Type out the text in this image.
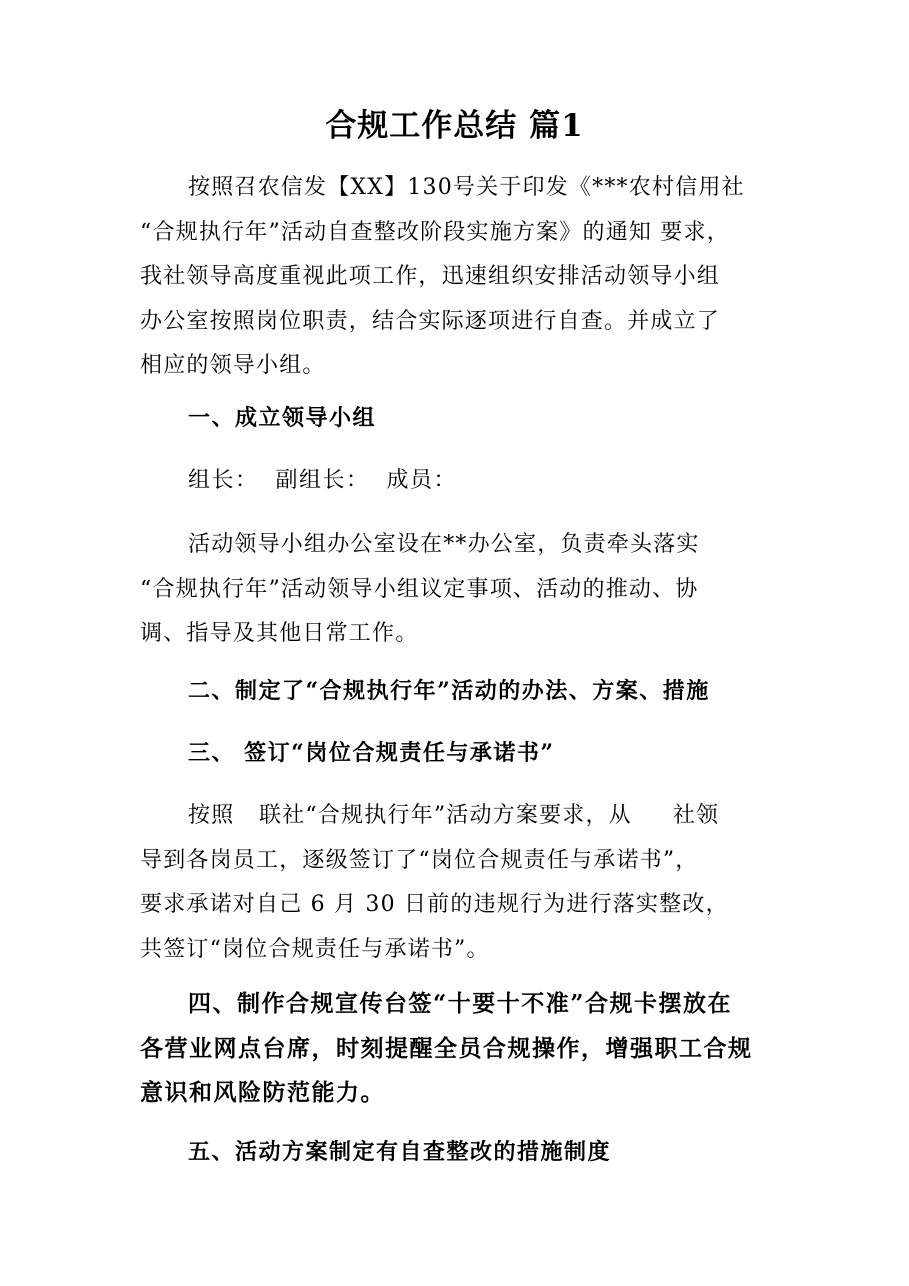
合规工作总结 篇1
按照召农信发【XX】130号关于印发《***农村信用社
“合规执行年”活动自查整改阶段实施方案》的通知 要求，
我社领导高度重视此项工作，迅速组织安排活动领导小组
办公室按照岗位职责，结合实际逐项进行自查。并成立了
相应的领导小组。
一、成立领导小组
组长：  副组长：  成员：
活动领导小组办公室设在**办公室，负责牵头落实
“合规执行年”活动领导小组议定事项、活动的推动、协
调、指导及其他日常工作。
二、制定了“合规执行年”活动的办法、方案、措施
三、 签订“岗位合规责任与承诺书”
按照   联社“合规执行年”活动方案要求，从     社领
导到各岗员工，逐级签订了“岗位合规责任与承诺书”，
要求承诺对自己 6 月 30 日前的违规行为进行落实整改，
共签订“岗位合规责任与承诺书”。
四、制作合规宣传台签“十要十不准”合规卡摆放在
各营业网点台席，时刻提醒全员合规操作，增强职工合规
意识和风险防范能力。
五、活动方案制定有自查整改的措施制度
